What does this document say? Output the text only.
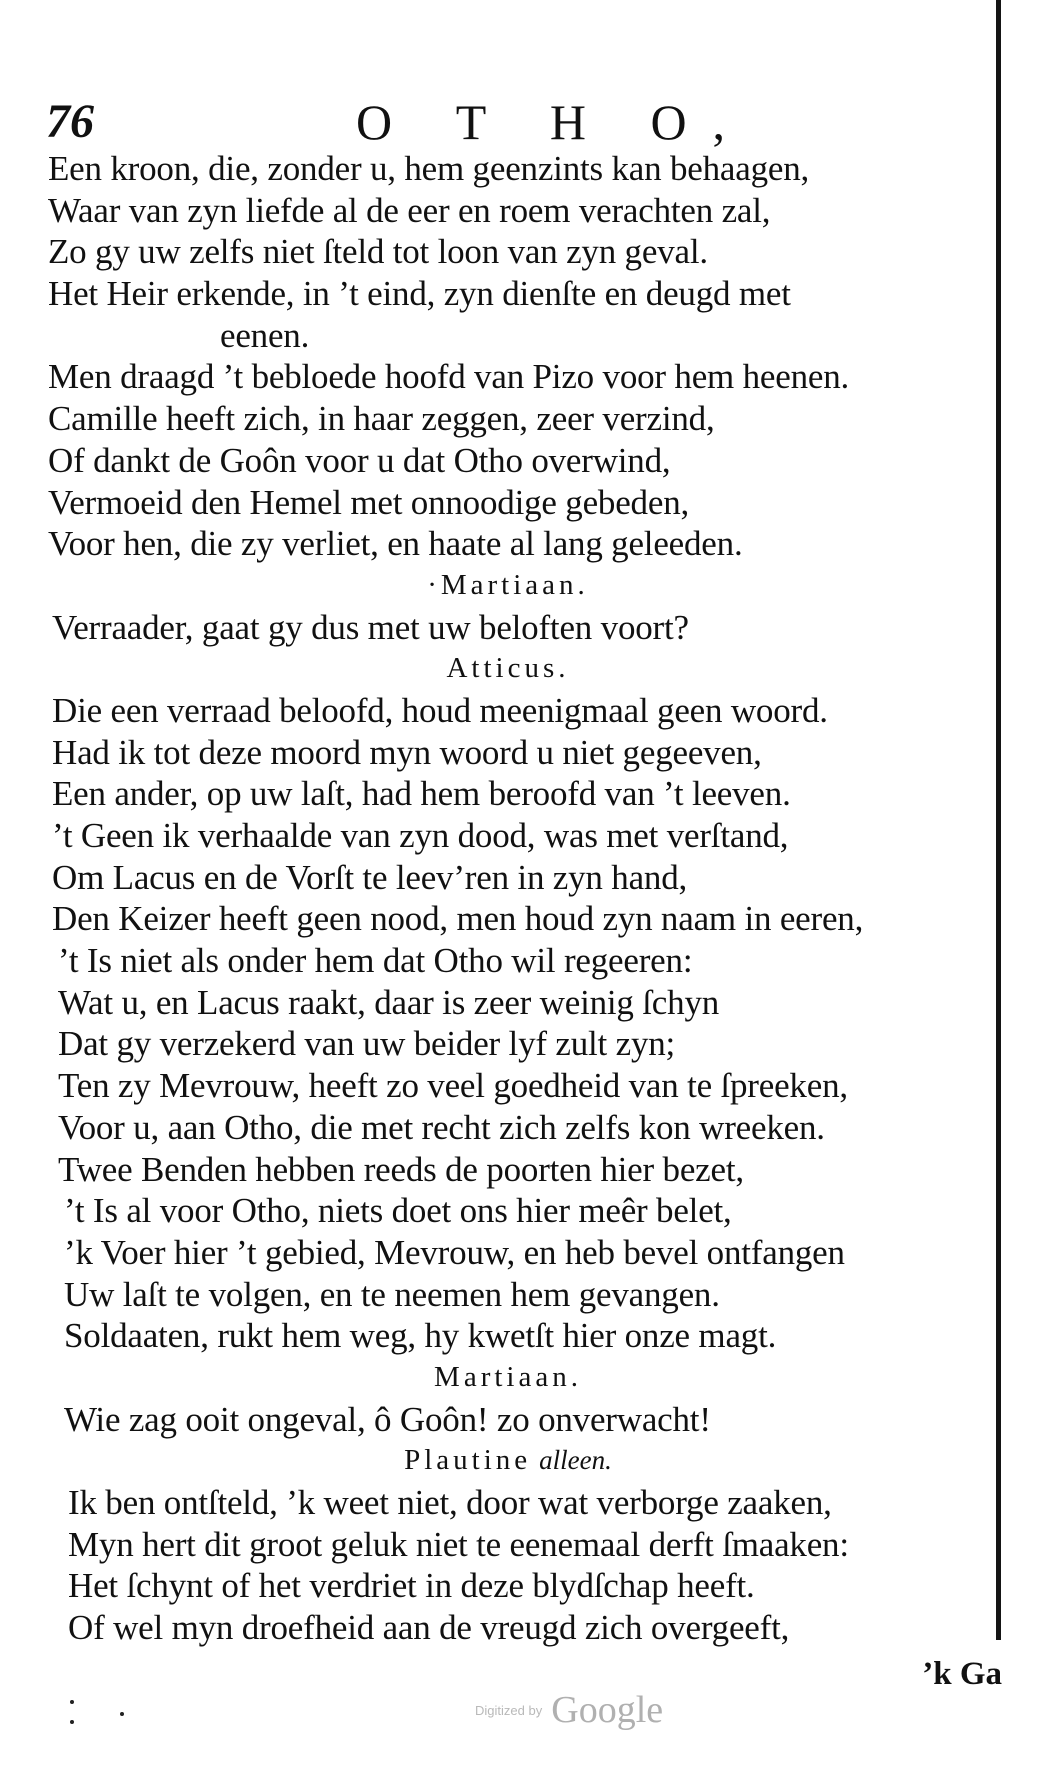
76	O T H O,
Een kroon, die, zonder u, hem geenzints kan behaagen,
Waar van zyn liefde al de eer en roem verachten zal,
Zo gy uw zelfs niet ſteld tot loon van zyn geval.
Het Heir erkende, in ’t eind, zyn dienſte en deugd met
eenen.
Men draagd ’t bebloede hoofd van Pizo voor hem heenen.
Camille heeft zich, in haar zeggen, zeer verzind,
Of dankt de Goôn voor u dat Otho overwind,
Vermoeid den Hemel met onnoodige gebeden,
Voor hen, die zy verliet, en haate al lang geleeden.
·Martiaan.
Verraader, gaat gy dus met uw beloften voort?
Atticus.
Die een verraad beloofd, houd meenigmaal geen woord.
Had ik tot deze moord myn woord u niet gegeeven,
Een ander, op uw laſt, had hem beroofd van ’t leeven.
’t Geen ik verhaalde van zyn dood, was met verſtand,
Om Lacus en de Vorſt te leev’ren in zyn hand,
Den Keizer heeft geen nood, men houd zyn naam in eeren,
’t Is niet als onder hem dat Otho wil regeeren:
Wat u, en Lacus raakt, daar is zeer weinig ſchyn
Dat gy verzekerd van uw beider lyf zult zyn;
Ten zy Mevrouw, heeft zo veel goedheid van te ſpreeken,
Voor u, aan Otho, die met recht zich zelfs kon wreeken.
Twee Benden hebben reeds de poorten hier bezet,
’t Is al voor Otho, niets doet ons hier meêr belet,
’k Voer hier ’t gebied, Mevrouw, en heb bevel ontfangen
Uw laſt te volgen, en te neemen hem gevangen.
Soldaaten, rukt hem weg, hy kwetſt hier onze magt.
Martiaan.
Wie zag ooit ongeval, ô Goôn! zo onverwacht!
Plautine alleen.
Ik ben ontſteld, ’k weet niet, door wat verborge zaaken,
Myn hert dit groot geluk niet te eenemaal derft ſmaaken:
Het ſchynt of het verdriet in deze blydſchap heeft.
Of wel myn droefheid aan de vreugd zich overgeeft,
’k Ga
Digitized by Google
